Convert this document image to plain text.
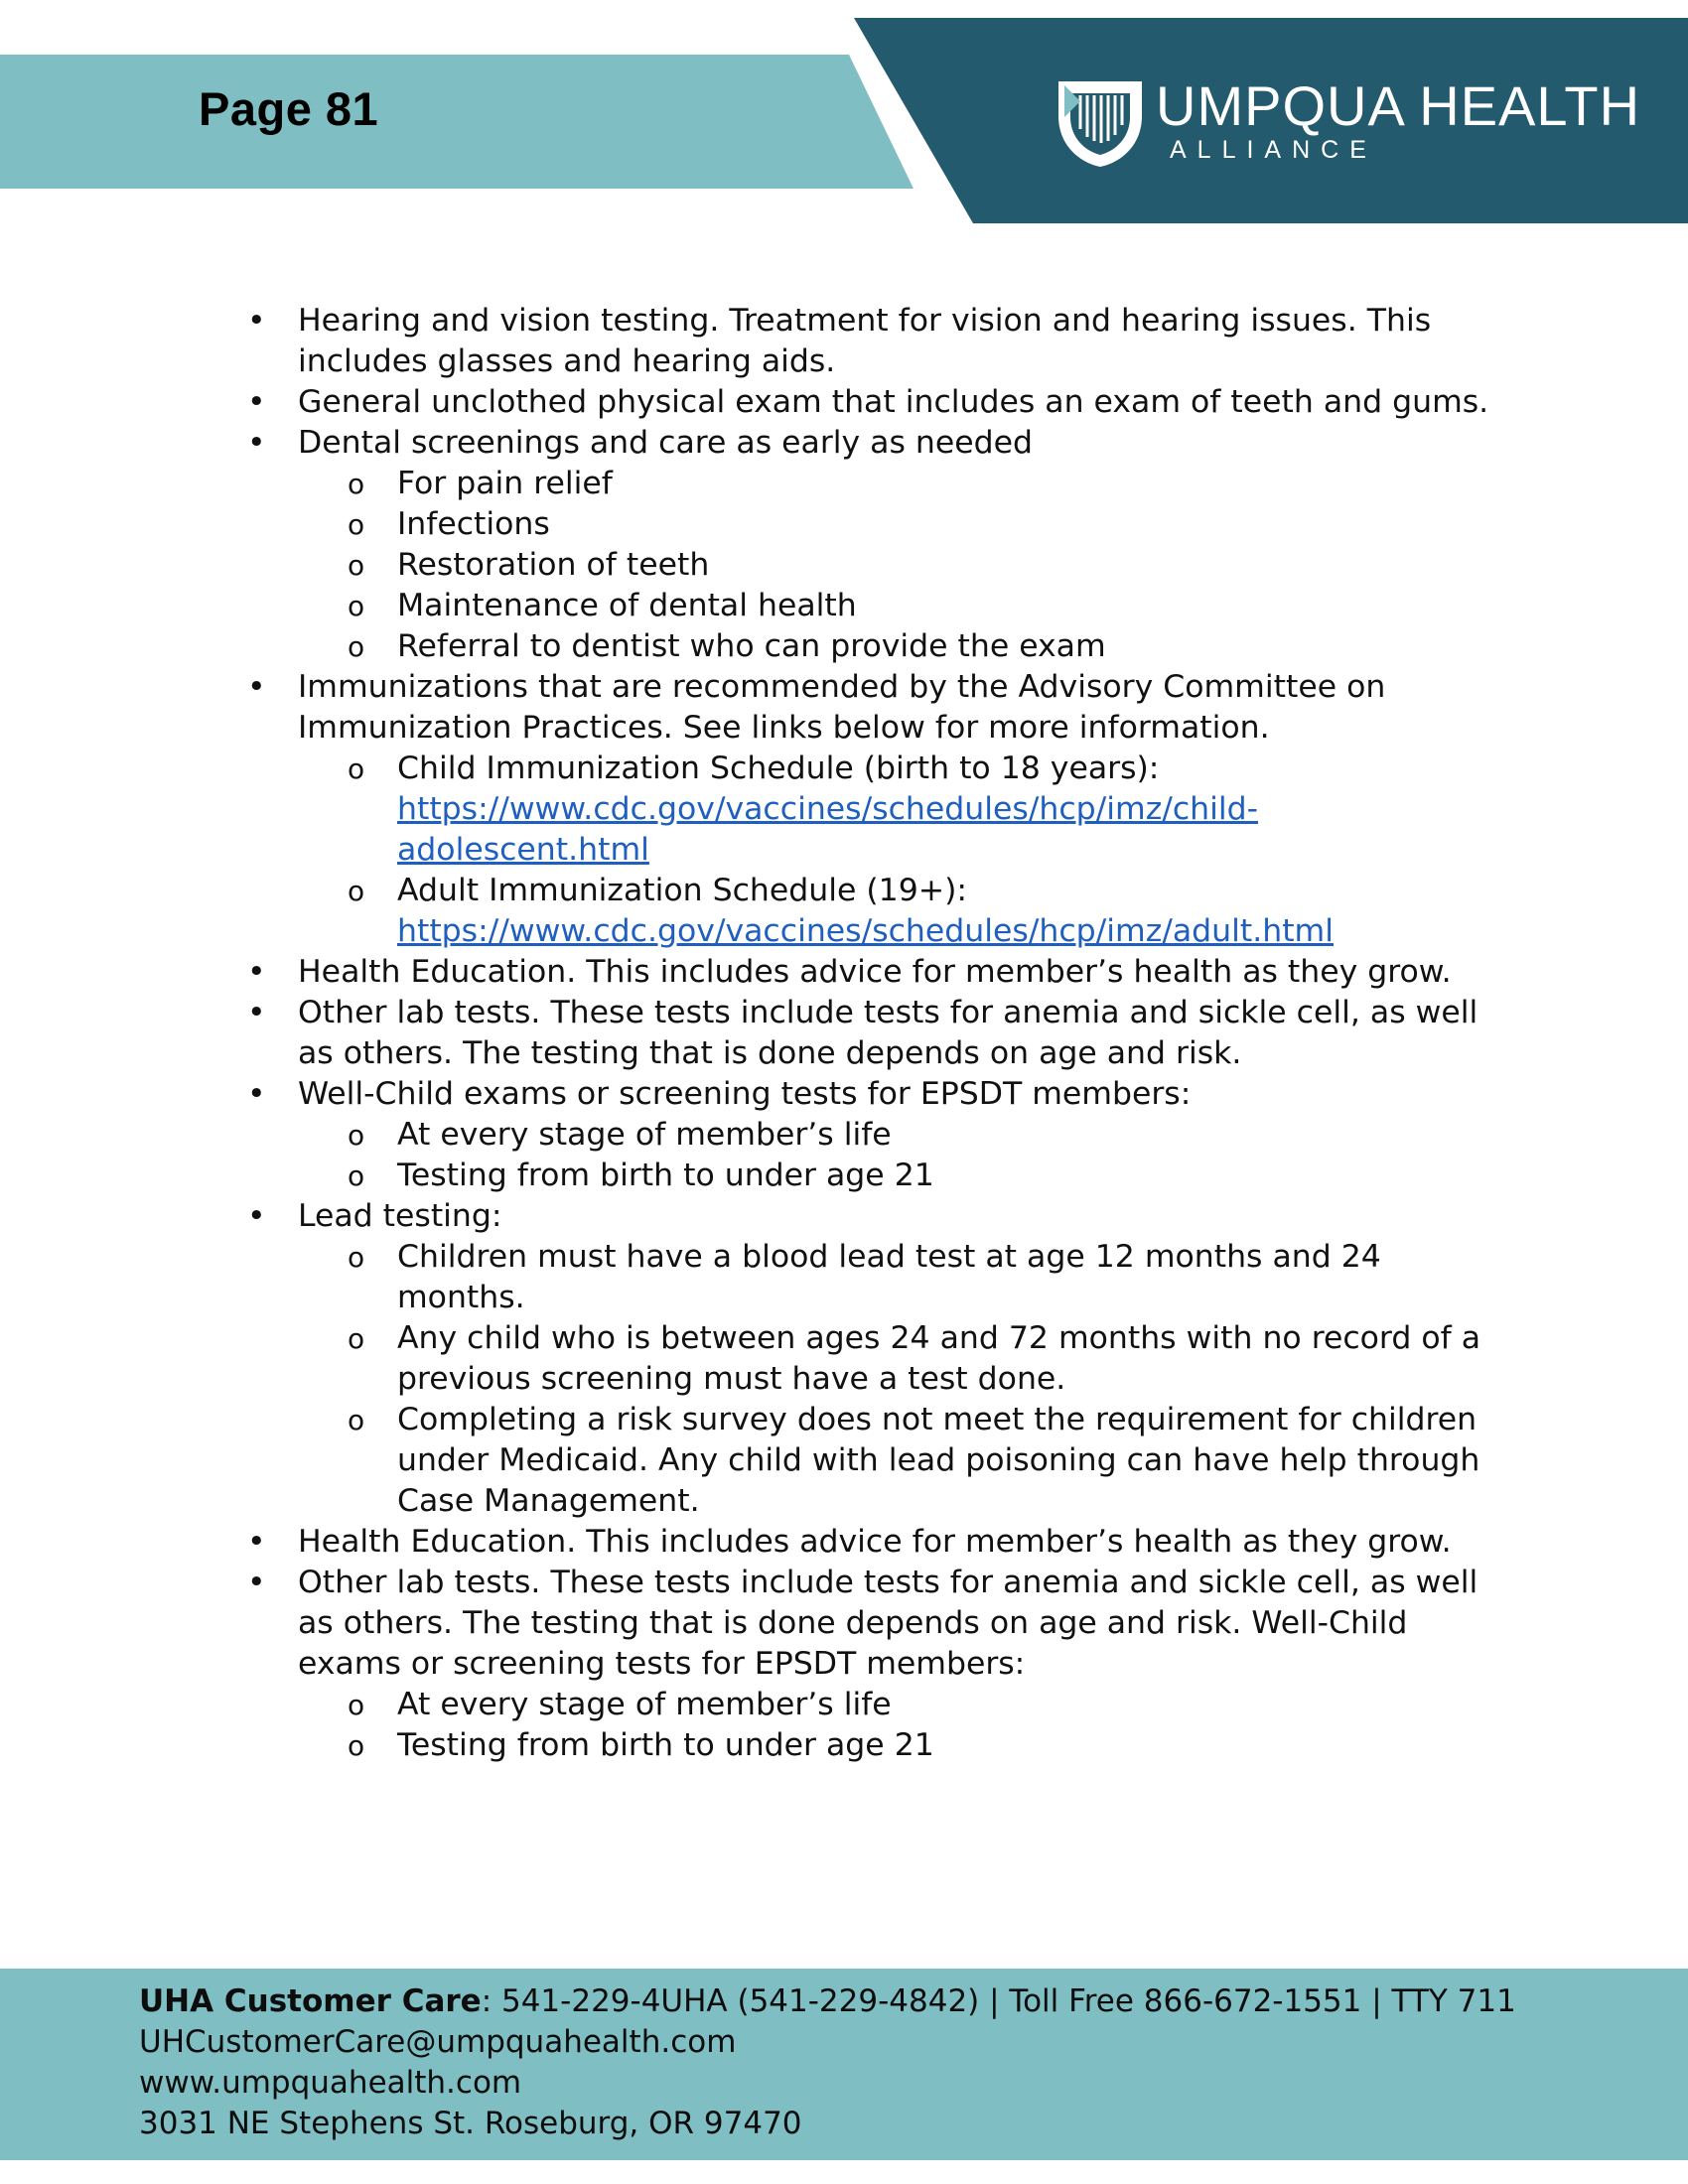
Page 81	UMPQUA HEALTH
ALLIANCE
• Hearing and vision testing. Treatment for vision and hearing issues. This includes glasses and hearing aids.
• General unclothed physical exam that includes an exam of teeth and gums.
• Dental screenings and care as early as needed
o For pain relief
o Infections
o Restoration of teeth
o Maintenance of dental health
o Referral to dentist who can provide the exam
• Immunizations that are recommended by the Advisory Committee on Immunization Practices. See links below for more information.
o Child Immunization Schedule (birth to 18 years):
https://www.cdc.gov/vaccines/schedules/hcp/imz/child-adolescent.html
o Adult Immunization Schedule (19+):
https://www.cdc.gov/vaccines/schedules/hcp/imz/adult.html
• Health Education. This includes advice for member’s health as they grow.
• Other lab tests. These tests include tests for anemia and sickle cell, as well as others. The testing that is done depends on age and risk.
• Well-Child exams or screening tests for EPSDT members:
o At every stage of member’s life
o Testing from birth to under age 21
• Lead testing:
o Children must have a blood lead test at age 12 months and 24 months.
o Any child who is between ages 24 and 72 months with no record of a previous screening must have a test done.
o Completing a risk survey does not meet the requirement for children under Medicaid. Any child with lead poisoning can have help through Case Management.
• Health Education. This includes advice for member’s health as they grow.
• Other lab tests. These tests include tests for anemia and sickle cell, as well as others. The testing that is done depends on age and risk. Well-Child exams or screening tests for EPSDT members:
o At every stage of member’s life
o Testing from birth to under age 21
UHA Customer Care: 541-229-4UHA (541-229-4842) | Toll Free 866-672-1551 | TTY 711
UHCustomerCare@umpquahealth.com
www.umpquahealth.com
3031 NE Stephens St. Roseburg, OR 97470
